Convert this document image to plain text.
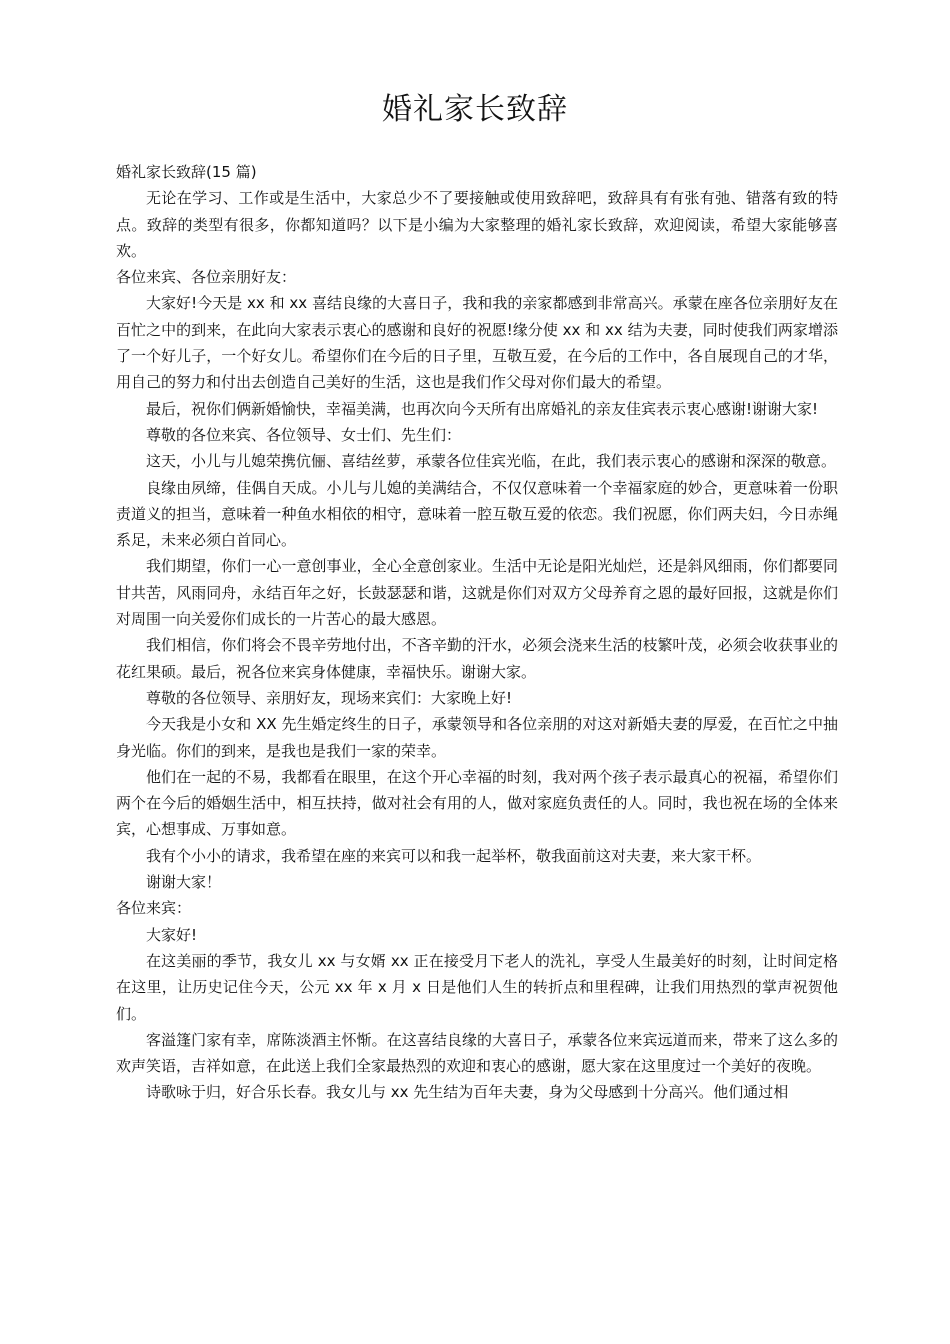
婚礼家长致辞

婚礼家长致辞(15 篇)

无论在学习、工作或是生活中，大家总少不了要接触或使用致辞吧，致辞具有有张有弛、错落有致的特点。致辞的类型有很多，你都知道吗？以下是小编为大家整理的婚礼家长致辞，欢迎阅读，希望大家能够喜欢。

各位来宾、各位亲朋好友：

大家好!今天是 xx 和 xx 喜结良缘的大喜日子，我和我的亲家都感到非常高兴。承蒙在座各位亲朋好友在百忙之中的到来，在此向大家表示衷心的感谢和良好的祝愿!缘分使 xx 和 xx 结为夫妻，同时使我们两家增添了一个好儿子，一个好女儿。希望你们在今后的日子里，互敬互爱，在今后的工作中，各自展现自己的才华，用自己的努力和付出去创造自己美好的生活，这也是我们作父母对你们最大的希望。

最后，祝你们俩新婚愉快，幸福美满，也再次向今天所有出席婚礼的亲友佳宾表示衷心感谢!谢谢大家!

尊敬的各位来宾、各位领导、女士们、先生们：

这天，小儿与儿媳荣携伉俪、喜结丝萝，承蒙各位佳宾光临，在此，我们表示衷心的感谢和深深的敬意。

良缘由夙缔，佳偶自天成。小儿与儿媳的美满结合，不仅仅意味着一个幸福家庭的妙合，更意味着一份职责道义的担当，意味着一种鱼水相依的相守，意味着一腔互敬互爱的依恋。我们祝愿，你们两夫妇，今日赤绳系足，未来必须白首同心。

我们期望，你们一心一意创事业，全心全意创家业。生活中无论是阳光灿烂，还是斜风细雨，你们都要同甘共苦，风雨同舟，永结百年之好，长鼓瑟瑟和谐，这就是你们对双方父母养育之恩的最好回报，这就是你们对周围一向关爱你们成长的一片苦心的最大感恩。

我们相信，你们将会不畏辛劳地付出，不吝辛勤的汗水，必须会浇来生活的枝繁叶茂，必须会收获事业的花红果硕。最后，祝各位来宾身体健康，幸福快乐。谢谢大家。

尊敬的各位领导、亲朋好友，现场来宾们：大家晚上好!

今天我是小女和 XX 先生婚定终生的日子，承蒙领导和各位亲朋的对这对新婚夫妻的厚爱，在百忙之中抽身光临。你们的到来，是我也是我们一家的荣幸。

他们在一起的不易，我都看在眼里，在这个开心幸福的时刻，我对两个孩子表示最真心的祝福，希望你们两个在今后的婚姻生活中，相互扶持，做对社会有用的人，做对家庭负责任的人。同时，我也祝在场的全体来宾，心想事成、万事如意。

我有个小小的请求，我希望在座的来宾可以和我一起举杯，敬我面前这对夫妻，来大家干杯。

谢谢大家！

各位来宾：

大家好!

在这美丽的季节，我女儿 xx 与女婿 xx 正在接受月下老人的洗礼，享受人生最美好的时刻，让时间定格在这里，让历史记住今天，公元 xx 年 x 月 x 日是他们人生的转折点和里程碑，让我们用热烈的掌声祝贺他们。

客溢篷门家有幸，席陈淡酒主怀惭。在这喜结良缘的大喜日子，承蒙各位来宾远道而来，带来了这么多的欢声笑语，吉祥如意，在此送上我们全家最热烈的欢迎和衷心的感谢，愿大家在这里度过一个美好的夜晚。

诗歌咏于归，好合乐长春。我女儿与 xx 先生结为百年夫妻，身为父母感到十分高兴。他们通过相
